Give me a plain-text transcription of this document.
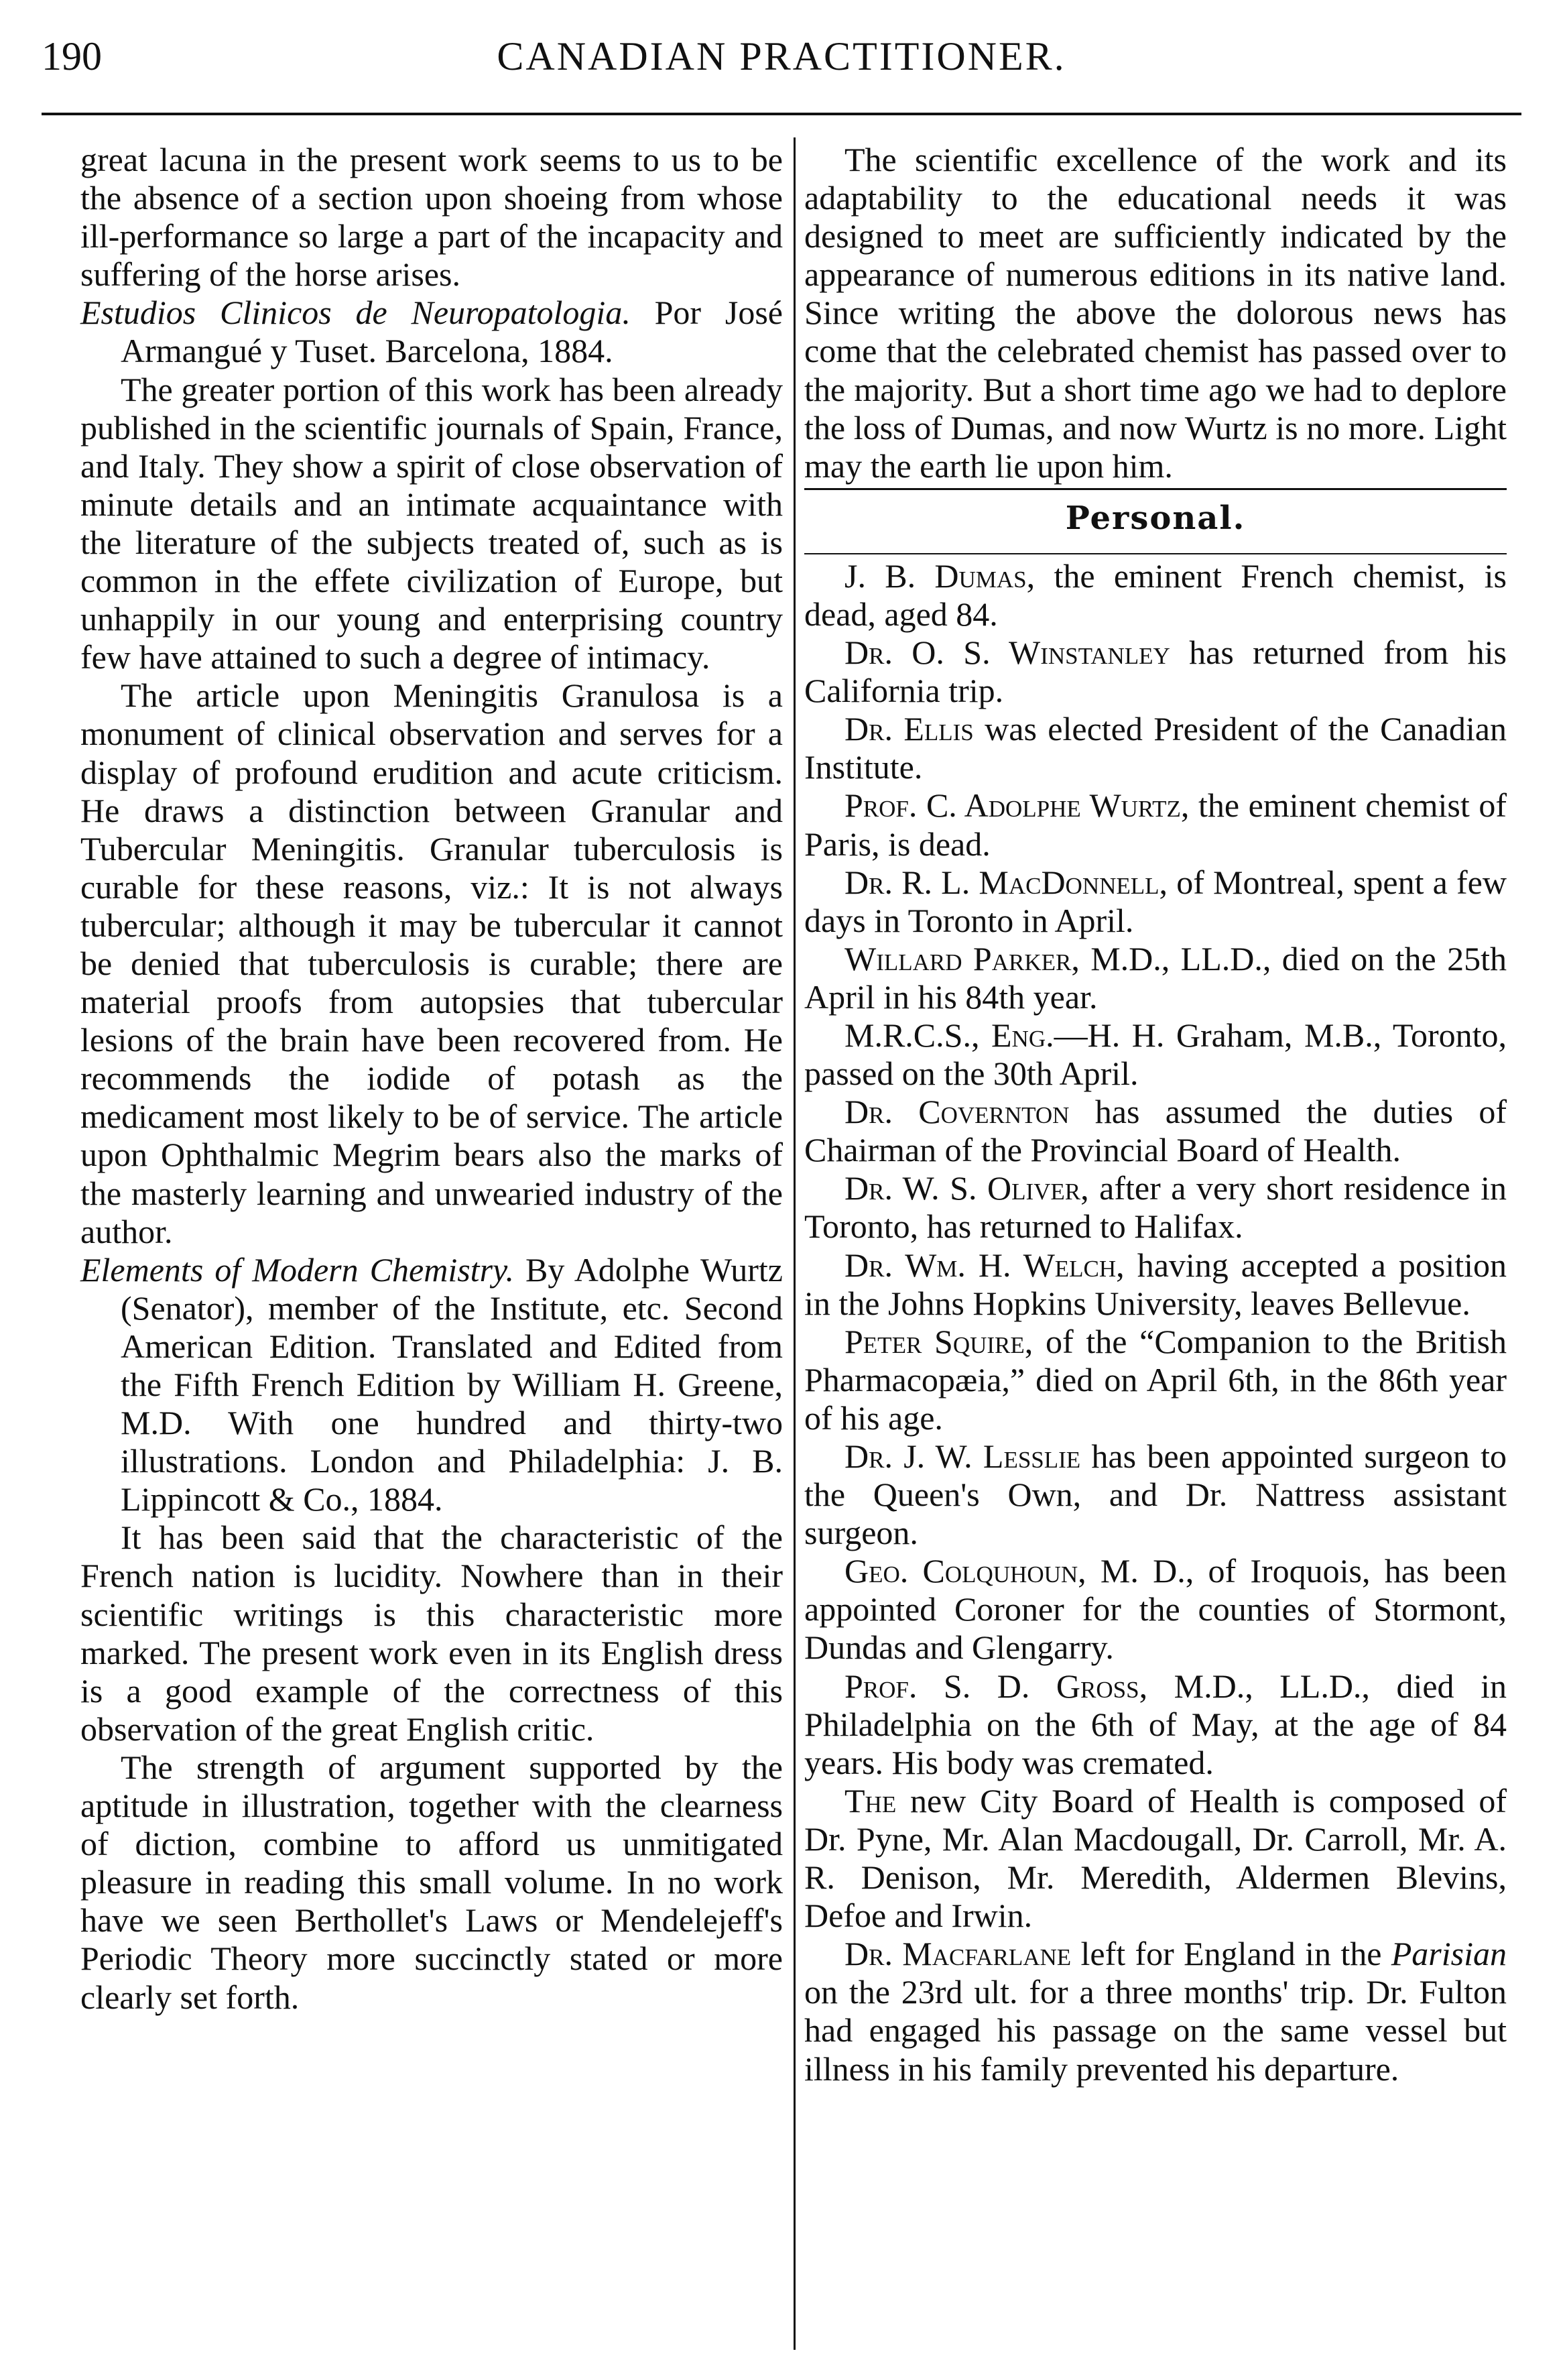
190	CANADIAN PRACTITIONER.

great lacuna in the present work seems to us to be the absence of a section upon shoeing from whose ill-performance so large a part of the incapacity and suffering of the horse arises.

Estudios Clinicos de Neuropatologia. Por José Armangué y Tuset. Barcelona, 1884.

The greater portion of this work has been already published in the scientific journals of Spain, France, and Italy. They show a spirit of close observation of minute details and an intimate acquaintance with the literature of the subjects treated of, such as is common in the effete civilization of Europe, but unhappily in our young and enterprising country few have attained to such a degree of intimacy.

The article upon Meningitis Granulosa is a monument of clinical observation and serves for a display of profound erudition and acute criticism. He draws a distinction between Granular and Tubercular Meningitis. Granular tuberculosis is curable for these reasons, viz.: It is not always tubercular; although it may be tubercular it cannot be denied that tuberculosis is curable; there are material proofs from autopsies that tubercular lesions of the brain have been recovered from. He recommends the iodide of potash as the medicament most likely to be of service. The article upon Ophthalmic Megrim bears also the marks of the masterly learning and unwearied industry of the author.

Elements of Modern Chemistry. By Adolphe Wurtz (Senator), member of the Institute, etc. Second American Edition. Translated and Edited from the Fifth French Edition by William H. Greene, M.D. With one hundred and thirty-two illustrations. London and Philadelphia: J. B. Lippincott & Co., 1884.

It has been said that the characteristic of the French nation is lucidity. Nowhere than in their scientific writings is this characteristic more marked. The present work even in its English dress is a good example of the correctness of this observation of the great English critic.

The strength of argument supported by the aptitude in illustration, together with the clearness of diction, combine to afford us unmitigated pleasure in reading this small volume. In no work have we seen Berthollet's Laws or Mendelejeff's Periodic Theory more succinctly stated or more clearly set forth.

The scientific excellence of the work and its adaptability to the educational needs it was designed to meet are sufficiently indicated by the appearance of numerous editions in its native land. Since writing the above the dolorous news has come that the celebrated chemist has passed over to the majority. But a short time ago we had to deplore the loss of Dumas, and now Wurtz is no more. Light may the earth lie upon him.

Personal.

J. B. Dumas, the eminent French chemist, is dead, aged 84.

Dr. O. S. Winstanley has returned from his California trip.

Dr. Ellis was elected President of the Canadian Institute.

Prof. C. Adolphe Wurtz, the eminent chemist of Paris, is dead.

Dr. R. L. MacDonnell, of Montreal, spent a few days in Toronto in April.

Willard Parker, M.D., LL.D., died on the 25th April in his 84th year.

M.R.C.S., Eng.—H. H. Graham, M.B., Toronto, passed on the 30th April.

Dr. Covernton has assumed the duties of Chairman of the Provincial Board of Health.

Dr. W. S. Oliver, after a very short residence in Toronto, has returned to Halifax.

Dr. Wm. H. Welch, having accepted a position in the Johns Hopkins University, leaves Bellevue.

Peter Squire, of the “Companion to the British Pharmacopæia,” died on April 6th, in the 86th year of his age.

Dr. J. W. Lesslie has been appointed surgeon to the Queen's Own, and Dr. Nattress assistant surgeon.

Geo. Colquhoun, M. D., of Iroquois, has been appointed Coroner for the counties of Stormont, Dundas and Glengarry.

Prof. S. D. Gross, M.D., LL.D., died in Philadelphia on the 6th of May, at the age of 84 years. His body was cremated.

The new City Board of Health is composed of Dr. Pyne, Mr. Alan Macdougall, Dr. Carroll, Mr. A. R. Denison, Mr. Meredith, Aldermen Blevins, Defoe and Irwin.

Dr. Macfarlane left for England in the Parisian on the 23rd ult. for a three months' trip. Dr. Fulton had engaged his passage on the same vessel but illness in his family prevented his departure.
